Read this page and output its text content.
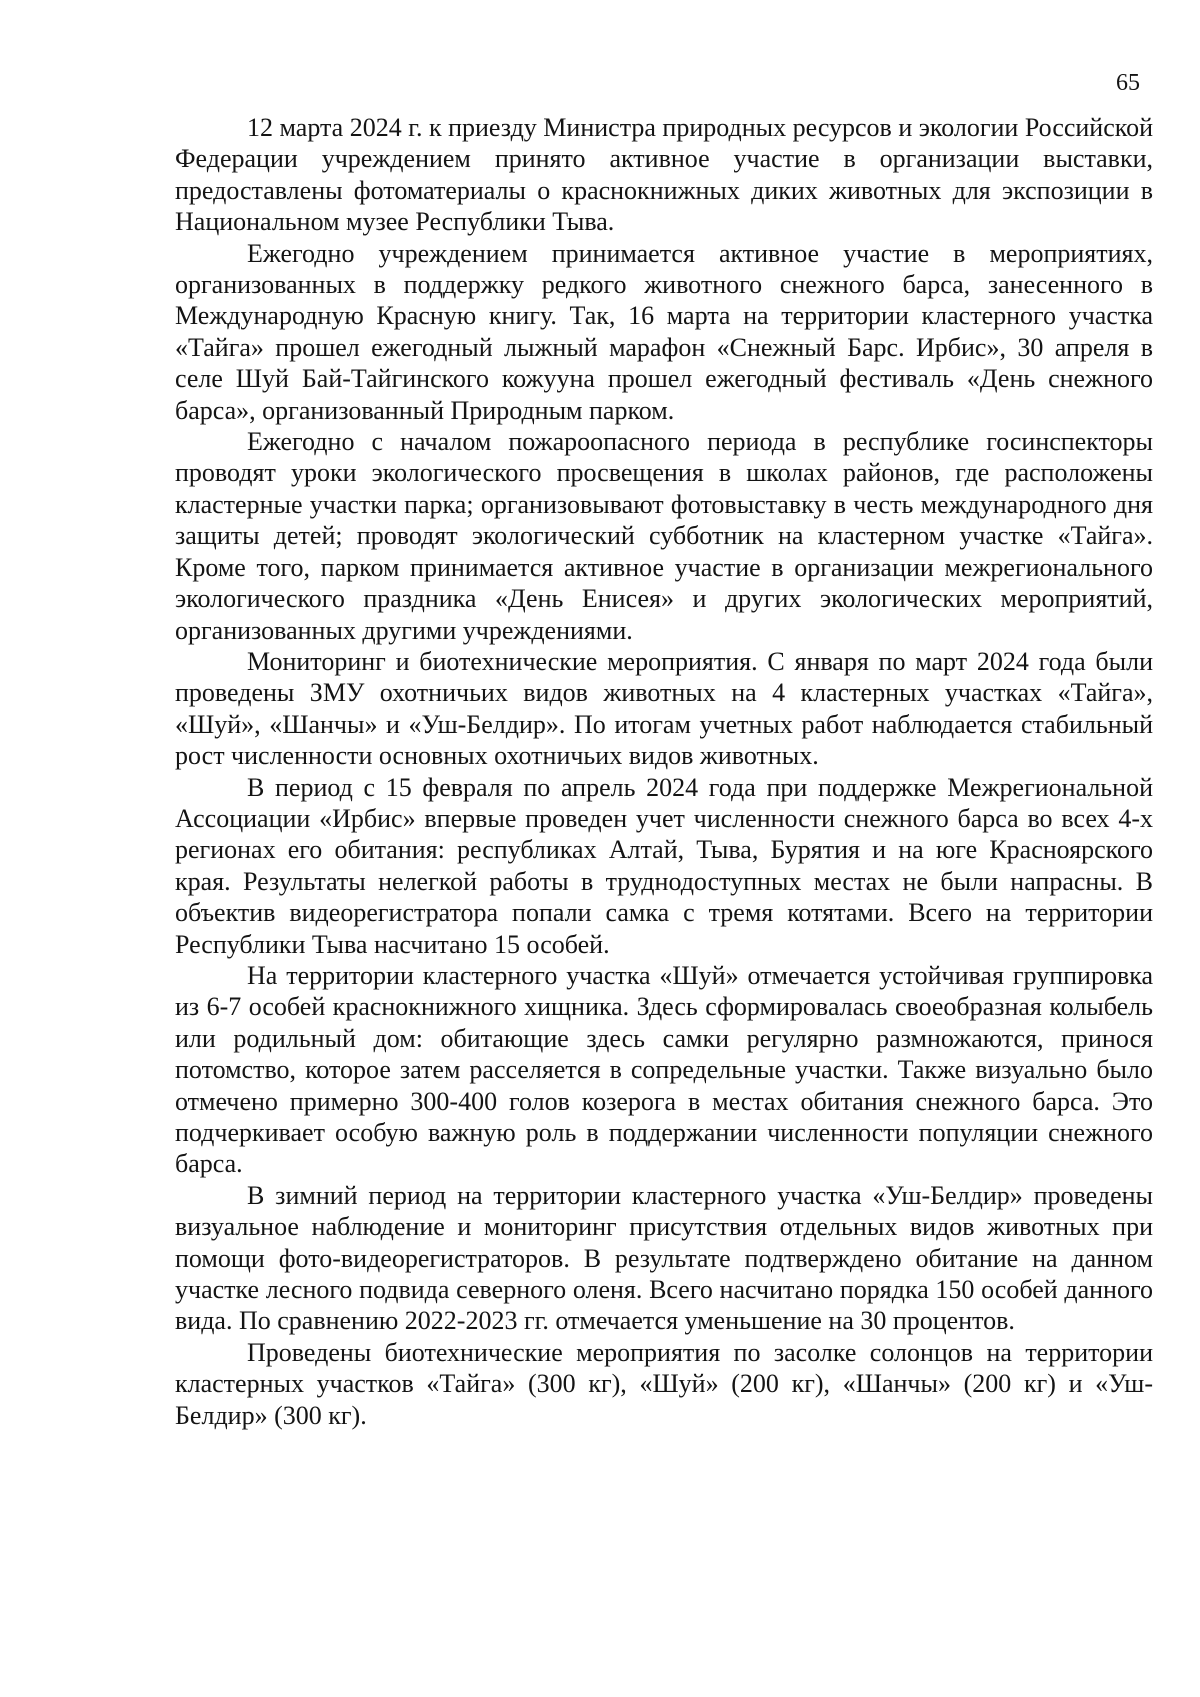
65

12 марта 2024 г. к приезду Министра природных ресурсов и экологии Российской Федерации учреждением принято активное участие в организации выставки, предоставлены фотоматериалы о краснокнижных диких животных для экспозиции в Национальном музее Республики Тыва.

Ежегодно учреждением принимается активное участие в мероприятиях, организованных в поддержку редкого животного снежного барса, занесенного в Международную Красную книгу. Так, 16 марта на территории кластерного участка «Тайга» прошел ежегодный лыжный марафон «Снежный Барс. Ирбис», 30 апреля в селе Шуй Бай-Тайгинского кожууна прошел ежегодный фестиваль «День снежного барса», организованный Природным парком.

Ежегодно с началом пожароопасного периода в республике госинспекторы проводят уроки экологического просвещения в школах районов, где расположены кластерные участки парка; организовывают фотовыставку в честь международного дня защиты детей; проводят экологический субботник на кластерном участке «Тайга». Кроме того, парком принимается активное участие в организации межрегионального экологического праздника «День Енисея» и других экологических мероприятий, организованных другими учреждениями.

Мониторинг и биотехнические мероприятия. С января по март 2024 года были проведены ЗМУ охотничьих видов животных на 4 кластерных участках «Тайга», «Шуй», «Шанчы» и «Уш-Белдир». По итогам учетных работ наблюдается стабильный рост численности основных охотничьих видов животных.

В период с 15 февраля по апрель 2024 года при поддержке Межрегиональной Ассоциации «Ирбис» впервые проведен учет численности снежного барса во всех 4-х регионах его обитания: республиках Алтай, Тыва, Бурятия и на юге Красноярского края. Результаты нелегкой работы в труднодоступных местах не были напрасны. В объектив видеорегистратора попали самка с тремя котятами. Всего на территории Республики Тыва насчитано 15 особей.

На территории кластерного участка «Шуй» отмечается устойчивая группировка из 6-7 особей краснокнижного хищника. Здесь сформировалась своеобразная колыбель или родильный дом: обитающие здесь самки регулярно размножаются, принося потомство, которое затем расселяется в сопредельные участки. Также визуально было отмечено примерно 300-400 голов козерога в местах обитания снежного барса. Это подчеркивает особую важную роль в поддержании численности популяции снежного барса.

В зимний период на территории кластерного участка «Уш-Белдир» проведены визуальное наблюдение и мониторинг присутствия отдельных видов животных при помощи фото-видеорегистраторов. В результате подтверждено обитание на данном участке лесного подвида северного оленя. Всего насчитано порядка 150 особей данного вида. По сравнению 2022-2023 гг. отмечается уменьшение на 30 процентов.

Проведены биотехнические мероприятия по засолке солонцов на территории кластерных участков «Тайга» (300 кг), «Шуй» (200 кг), «Шанчы» (200 кг) и «Уш-Белдир» (300 кг).
